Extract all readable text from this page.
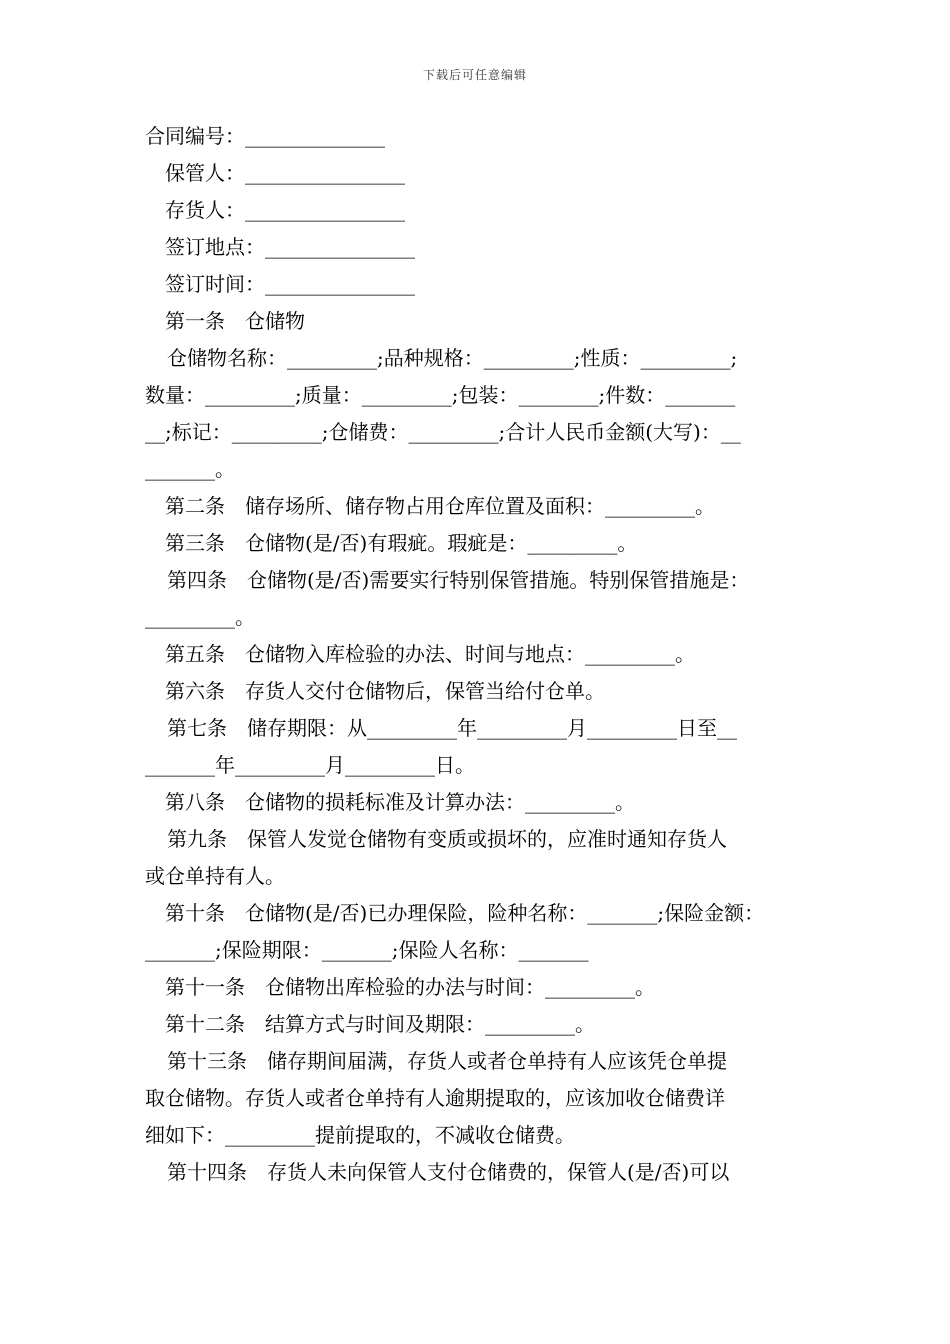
下载后可任意编辑
合同编号：______________
保管人：________________
存货人：________________
签订地点：_______________
签订时间：_______________
第一条　仓储物
仓储物名称：_________;品种规格：_________;性质：_________;
数量：_________;质量：_________;包装：________;件数：_______
__;标记：_________;仓储费：_________;合计人民币金额(大写)：__
_______。
第二条　储存场所、储存物占用仓库位置及面积：_________。
第三条　仓储物(是/否)有瑕疵。瑕疵是：_________。
第四条　仓储物(是/否)需要实行特别保管措施。特别保管措施是：
_________。
第五条　仓储物入库检验的办法、时间与地点：_________。
第六条　存货人交付仓储物后，保管当给付仓单。
第七条　储存期限：从_________年_________月_________日至__
_______年_________月_________日。
第八条　仓储物的损耗标准及计算办法：_________。
第九条　保管人发觉仓储物有变质或损坏的，应准时通知存货人
或仓单持有人。
第十条　仓储物(是/否)已办理保险，险种名称：_______;保险金额：
_______;保险期限：_______;保险人名称：_______
第十一条　仓储物出库检验的办法与时间：_________。
第十二条　结算方式与时间及期限：_________。
第十三条　储存期间届满，存货人或者仓单持有人应该凭仓单提
取仓储物。存货人或者仓单持有人逾期提取的，应该加收仓储费详
细如下：_________提前提取的，不减收仓储费。
第十四条　存货人未向保管人支付仓储费的，保管人(是/否)可以
